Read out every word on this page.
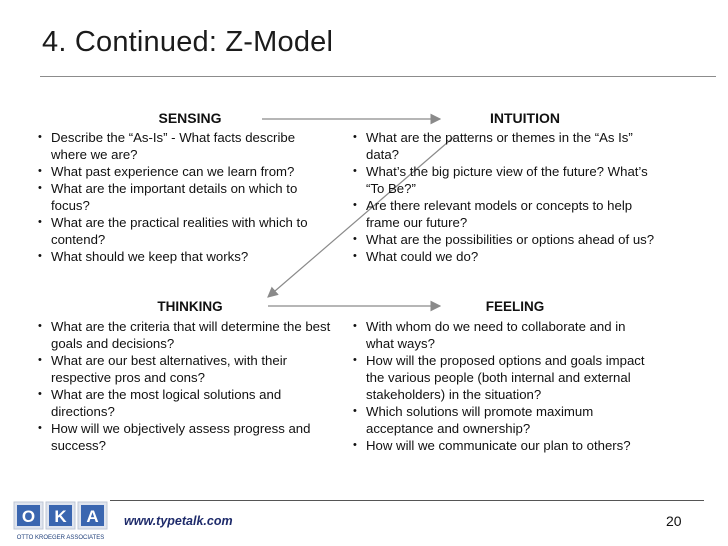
4. Continued: Z-Model
SENSING
• Describe the “As-Is” - What facts describe where we are?
• What past experience can we learn from?
• What are the important details on which to focus?
• What are the practical realities with which to contend?
• What should we keep that works?
INTUITION
• What are the patterns or themes in the “As Is” data?
• What’s the big picture view of the future? What’s “To Be?”
• Are there relevant models or concepts to help frame our future?
• What are the possibilities or options ahead of us?
• What could we do?
THINKING
• What are the criteria that will determine the best goals and decisions?
• What are our best alternatives, with their respective pros and cons?
• What are the most logical solutions and directions?
• How will we objectively assess progress and success?
FEELING
• With whom do we need to collaborate and in what ways?
• How will the proposed options and goals impact the various people (both internal and external stakeholders) in the situation?
• Which solutions will promote maximum acceptance and ownership?
• How will we communicate our plan to others?
O K A
OTTO KROEGER ASSOCIATES
www.typetalk.com	20
